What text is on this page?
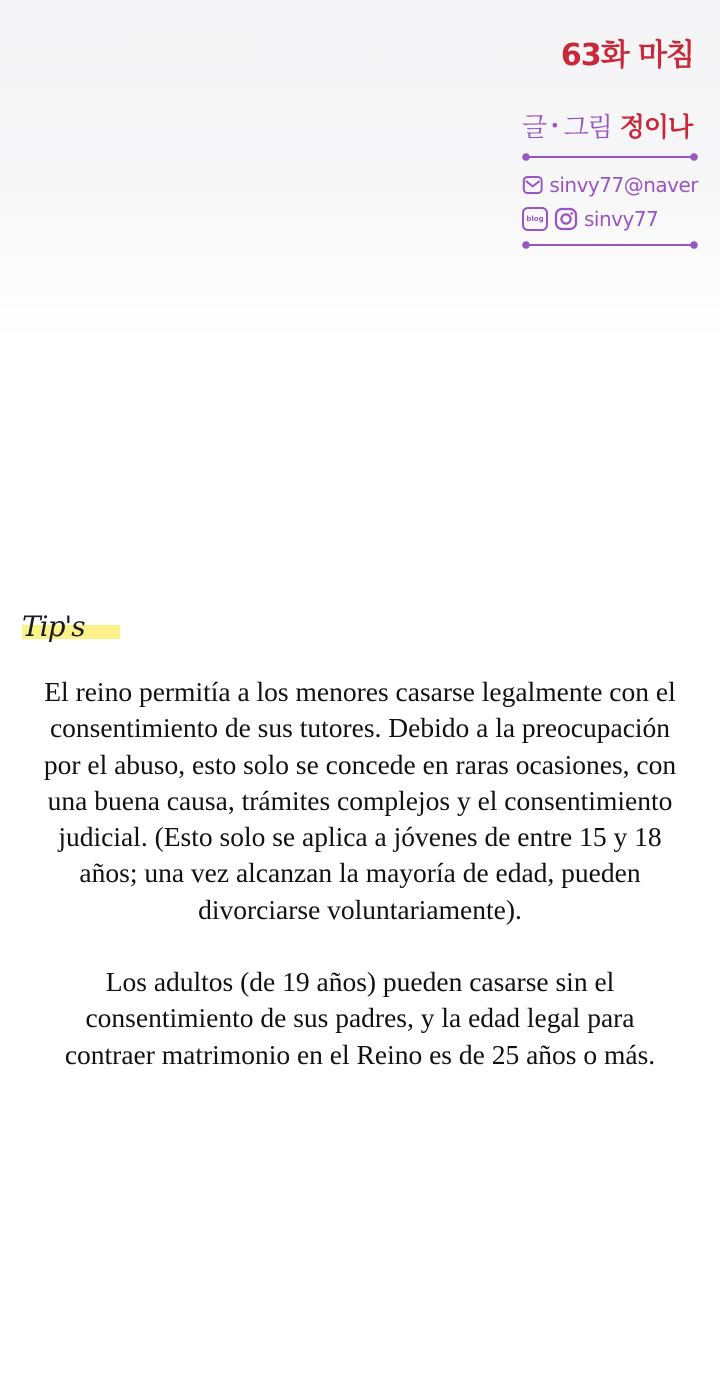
63화 마침
글 • 그림 정이나
sinvy77@naver
blog sinvy77
Tip's

El reino permitía a los menores casarse legalmente con el consentimiento de sus tutores. Debido a la preocupación por el abuso, esto solo se concede en raras ocasiones, con una buena causa, trámites complejos y el consentimiento judicial. (Esto solo se aplica a jóvenes de entre 15 y 18 años; una vez alcanzan la mayoría de edad, pueden divorciarse voluntariamente).

Los adultos (de 19 años) pueden casarse sin el consentimiento de sus padres, y la edad legal para contraer matrimonio en el Reino es de 25 años o más.
